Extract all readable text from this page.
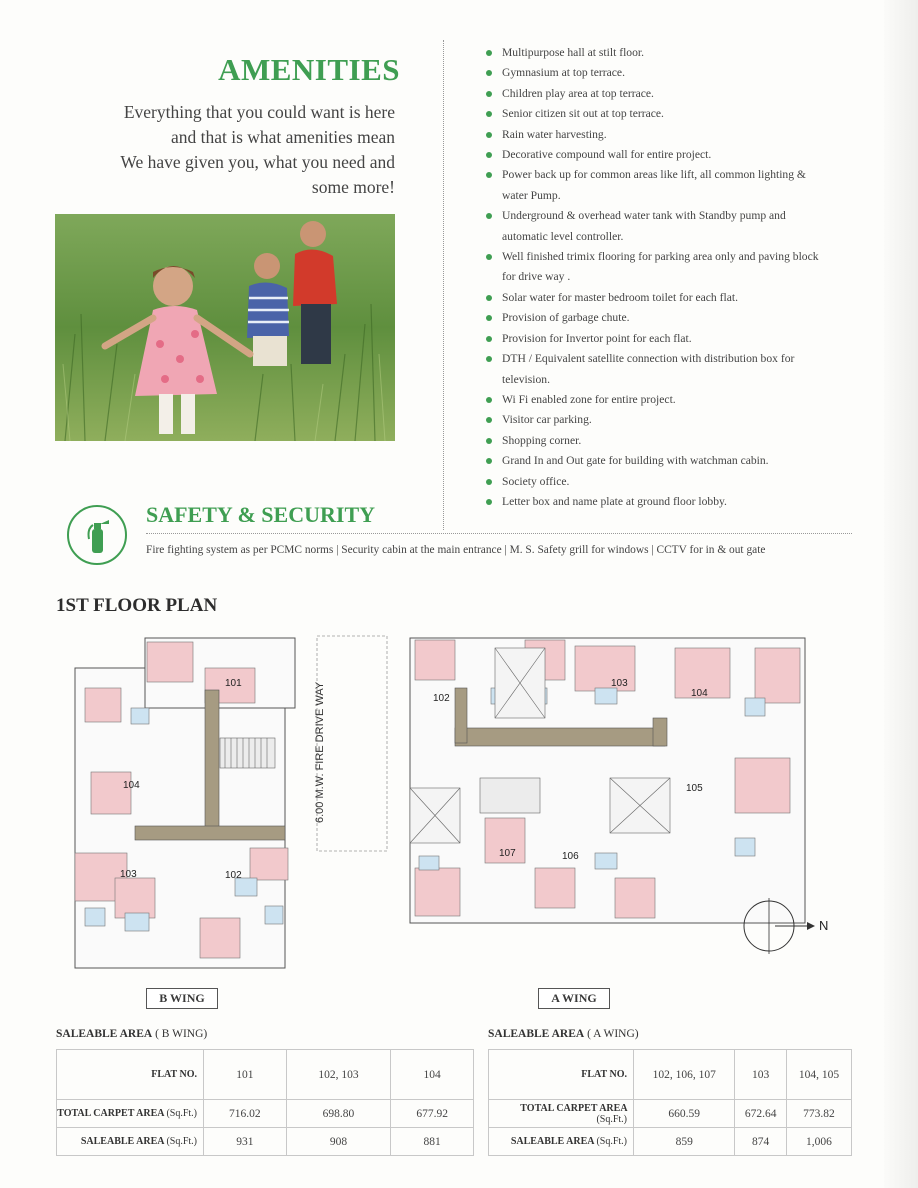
AMENITIES
Everything that you could want is here
and that is what amenities mean
We have given you, what you need and
some more!
Multipurpose hall at stilt floor.
Gymnasium at top terrace.
Children play area at top terrace.
Senior citizen sit out at top terrace.
Rain water harvesting.
Decorative compound wall for entire project.
Power back up for common areas like lift, all common lighting & water Pump.
Underground & overhead water tank with Standby pump and automatic level controller.
Well finished trimix flooring for parking area only and paving block for drive way .
Solar water for master bedroom toilet for each flat.
Provision of garbage chute.
Provision for Invertor point for each flat.
DTH / Equivalent satellite connection with distribution box for television.
Wi Fi enabled zone for entire project.
Visitor car parking.
Shopping corner.
Grand In and Out gate for building with watchman cabin.
Society office.
Letter box and name plate at ground floor lobby.
SAFETY & SECURITY
Fire fighting system as per PCMC norms | Security cabin at the main entrance | M. S. Safety grill for windows | CCTV for in & out gate
1ST FLOOR PLAN
6.00 M.W. FIRE DRIVE WAY
101
102
103
104
104	105
107	106
103	102
N
B WING	A WING
SALEABLE AREA ( B WING)
FLAT NO.	101	102, 103	104
TOTAL CARPET AREA (Sq.Ft.)	716.02	698.80	677.92
SALEABLE AREA (Sq.Ft.)	931	908	881
SALEABLE AREA ( A WING)
FLAT NO.	102, 106, 107	103	104, 105
TOTAL CARPET AREA (Sq.Ft.)	660.59	672.64	773.82
SALEABLE AREA (Sq.Ft.)	859	874	1,006
